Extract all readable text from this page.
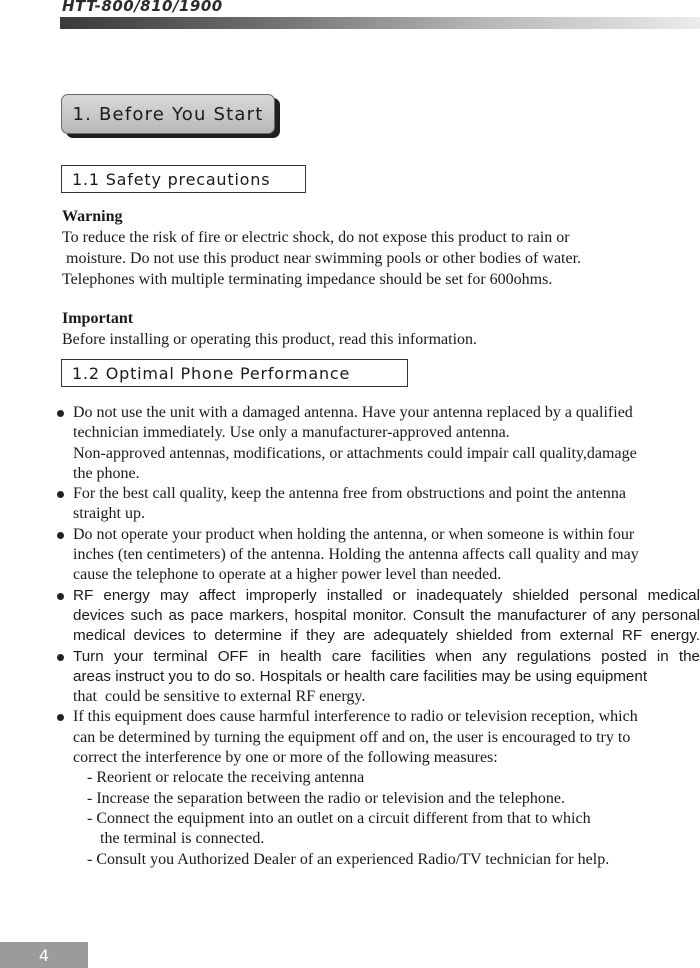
HTT-800/810/1900
1. Before You Start
1.1 Safety precautions

Warning

To reduce the risk of fire or electric shock, do not expose this product to rain or

moisture. Do not use this product near swimming pools or other bodies of water.

Telephones with multiple terminating impedance should be set for 600ohms.

Important

Before installing or operating this product, read this information.

1.2 Optimal Phone Performance

Do not use the unit with a damaged antenna. Have your antenna replaced by a qualified

technician immediately. Use only a manufacturer-approved antenna.

Non-approved antennas, modifications, or attachments could impair call quality,damage

the phone.

For the best call quality, keep the antenna free from obstructions and point the antenna

straight up.

Do not operate your product when holding the antenna, or when someone is within four

inches (ten centimeters) of the antenna. Holding the antenna affects call quality and may

cause the telephone to operate at a higher power level than needed.

RF energy may affect improperly installed or inadequately shielded personal medical

devices such as pace markers, hospital monitor. Consult the manufacturer of any personal

medical devices to determine if they are adequately shielded from external RF energy.

Turn your terminal OFF in health care facilities when any regulations posted in the

areas instruct you to do so. Hospitals or health care facilities may be using equipment

that  could be sensitive to external RF energy.

If this equipment does cause harmful interference to radio or television reception, which

can be determined by turning the equipment off and on, the user is encouraged to try to

correct the interference by one or more of the following measures:

- Reorient or relocate the receiving antenna

- Increase the separation between the radio or television and the telephone.

- Connect the equipment into an outlet on a circuit different from that to which

the terminal is connected.

- Consult you Authorized Dealer of an experienced Radio/TV technician for help.

4
